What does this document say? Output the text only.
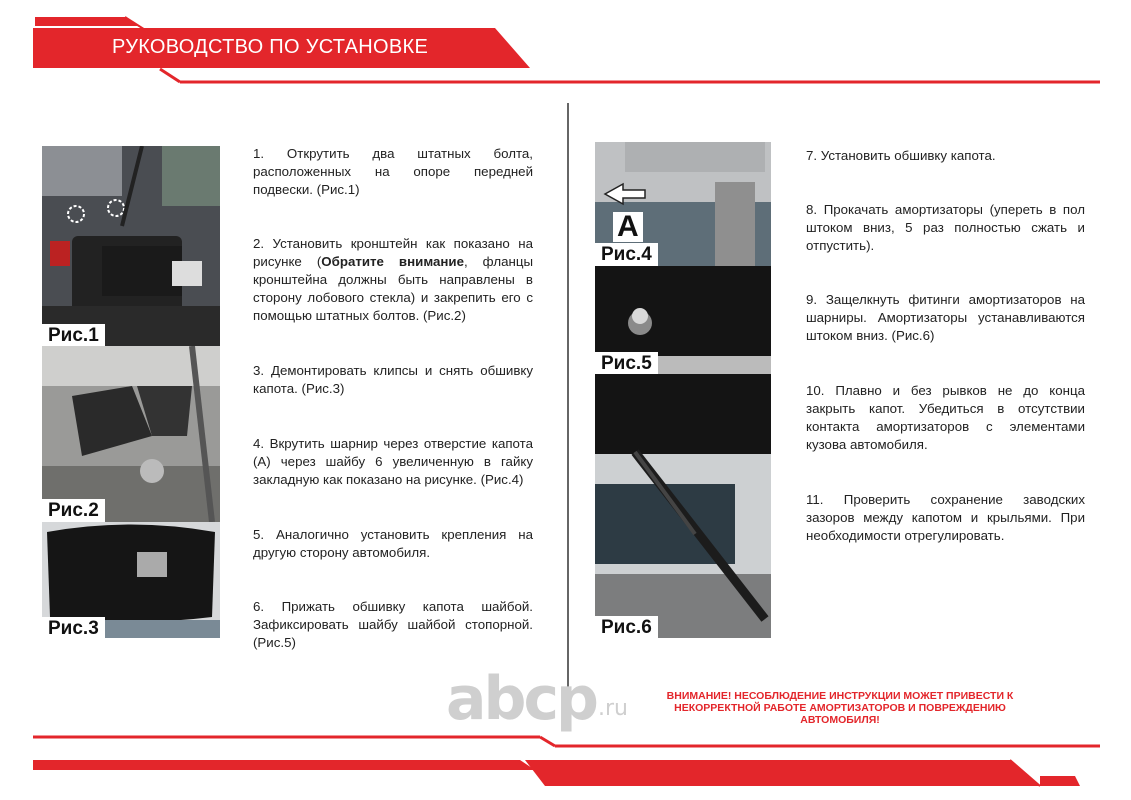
РУКОВОДСТВО ПО УСТАНОВКЕ
Рис.1
Рис.2
Рис.3
A
Рис.4
Рис.5
Рис.6
1. Открутить два штатных болта, расположенных на опоре передней подвески. (Рис.1)
2. Установить кронштейн как показано на рисунке (Обратите внимание, фланцы кронштейна должны быть направлены в сторону лобового стекла) и закрепить его с помощью штатных болтов. (Рис.2)
3. Демонтировать клипсы и снять обшивку капота. (Рис.3)
4. Вкрутить шарнир через отверстие капота (А) через шайбу 6 увеличенную в гайку закладную как показано на рисунке. (Рис.4)
5. Аналогично установить крепления на другую сторону автомобиля.
6. Прижать обшивку капота шайбой. Зафиксировать шайбу шайбой стопорной. (Рис.5)
7. Установить обшивку капота.
8. Прокачать амортизаторы (упереть в пол штоком вниз, 5 раз полностью сжать и отпустить).
9. Защелкнуть фитинги амортизаторов на шарниры. Амортизаторы устанавливаются штоком вниз. (Рис.6)
10. Плавно и без рывков не до конца закрыть капот. Убедиться в отсутствии контакта амортизаторов с элементами кузова автомобиля.
11. Проверить сохранение заводских зазоров между капотом и крыльями. При необходимости отрегулировать.
abcp .ru	ВНИМАНИЕ! НЕСОБЛЮДЕНИЕ ИНСТРУКЦИИ МОЖЕТ ПРИВЕСТИ К НЕКОРРЕКТНОЙ РАБОТЕ АМОРТИЗАТОРОВ И ПОВРЕЖДЕНИЮ АВТОМОБИЛЯ!
